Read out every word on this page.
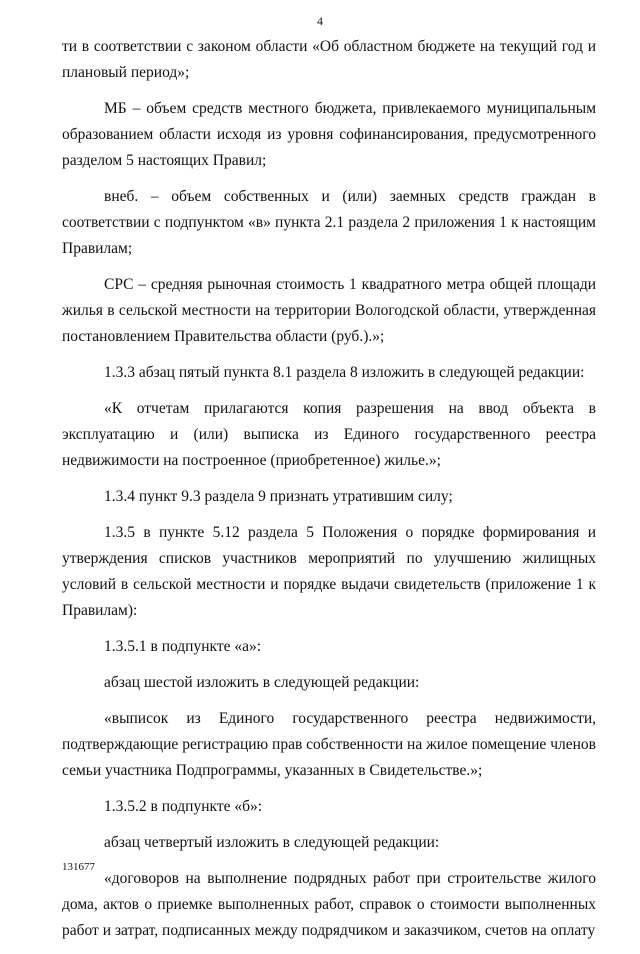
4

ти в соответствии с законом области «Об областном бюджете на текущий год и плановый период»;

МБ – объем средств местного бюджета, привлекаемого муниципальным образованием области исходя из уровня софинансирования, предусмотренного разделом 5 настоящих Правил;

внеб. – объем собственных и (или) заемных средств граждан в соответствии с подпунктом «в» пункта 2.1 раздела 2 приложения 1 к настоящим Правилам;

СРС – средняя рыночная стоимость 1 квадратного метра общей площади жилья в сельской местности на территории Вологодской области, утвержденная постановлением Правительства области (руб.).»;

1.3.3 абзац пятый пункта 8.1 раздела 8 изложить в следующей редакции:

«К отчетам прилагаются копия разрешения на ввод объекта в эксплуатацию и (или) выписка из Единого государственного реестра недвижимости на построенное (приобретенное) жилье.»;

1.3.4 пункт 9.3 раздела 9 признать утратившим силу;

1.3.5 в пункте 5.12 раздела 5 Положения о порядке формирования и утверждения списков участников мероприятий по улучшению жилищных условий в сельской местности и порядке выдачи свидетельств (приложение 1 к Правилам):

1.3.5.1 в подпункте «а»:

абзац шестой изложить в следующей редакции:

«выписок из Единого государственного реестра недвижимости, подтверждающие регистрацию прав собственности на жилое помещение членов семьи участника Подпрограммы, указанных в Свидетельстве.»;

1.3.5.2 в подпункте «б»:

абзац четвертый изложить в следующей редакции:

«договоров на выполнение подрядных работ при строительстве жилого дома, актов о приемке выполненных работ, справок о стоимости выполненных работ и затрат, подписанных между подрядчиком и заказчиком, счетов на оплату

131677
